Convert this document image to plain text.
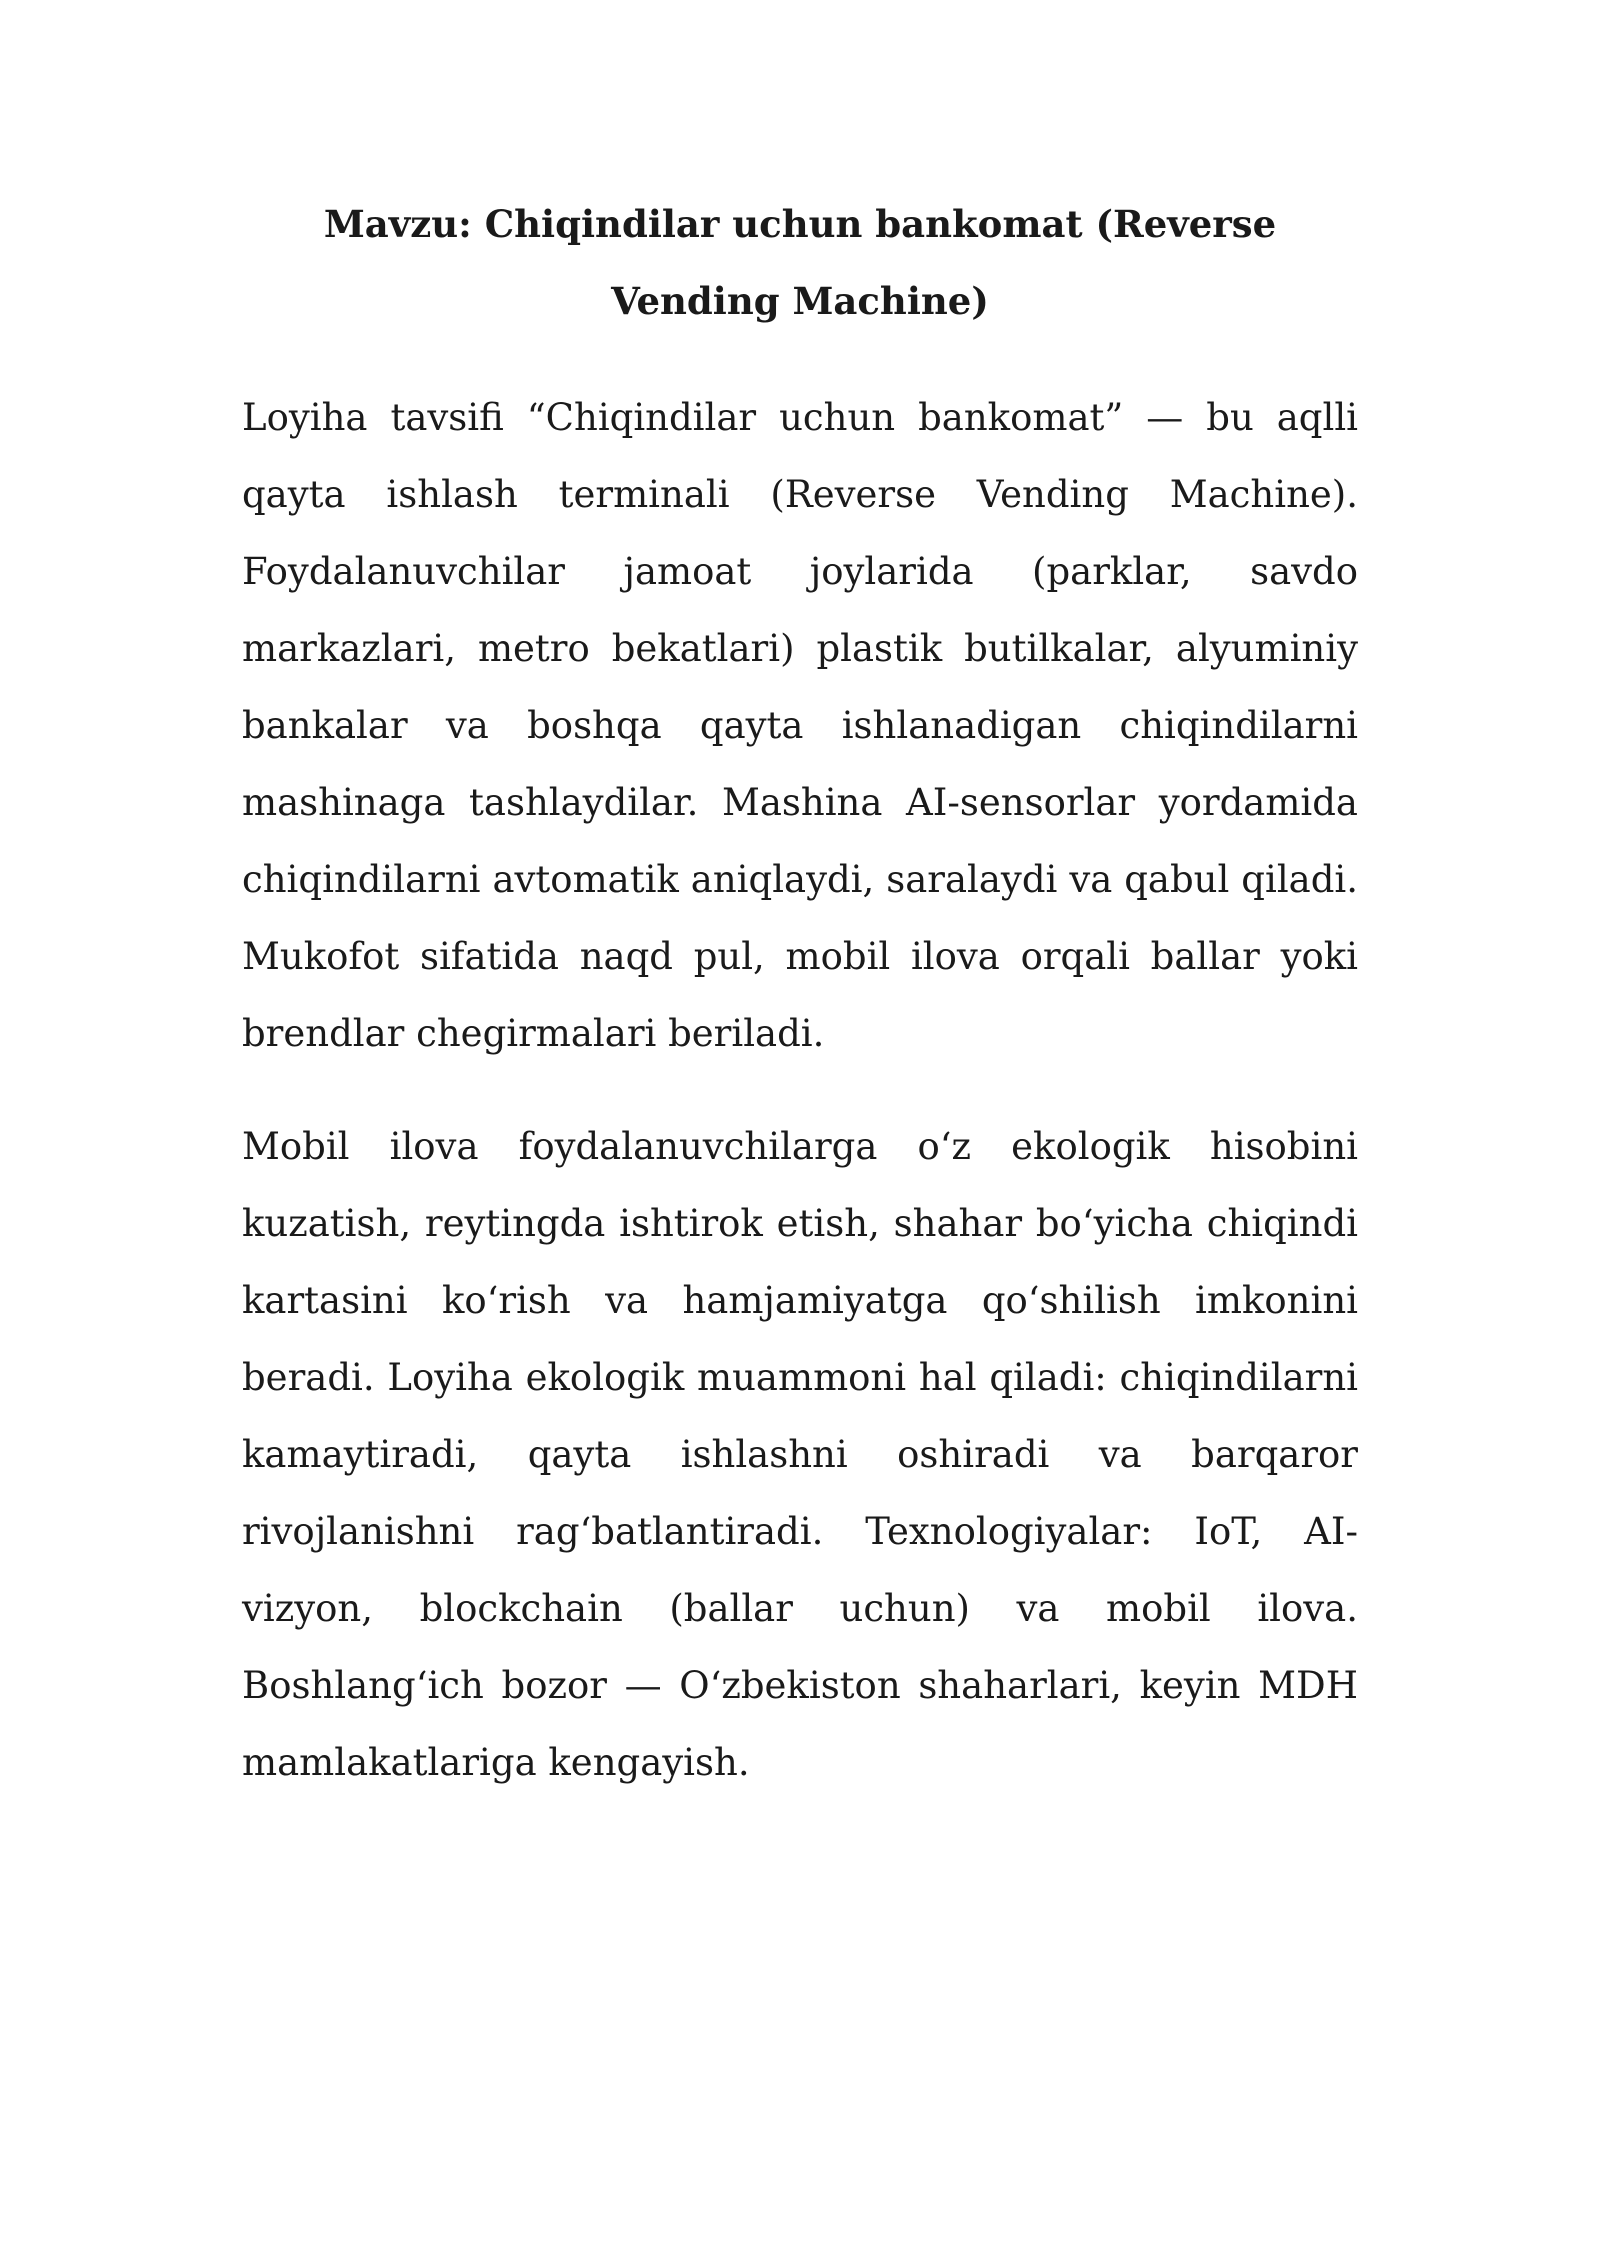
Mavzu: Chiqindilar uchun bankomat (Reverse Vending Machine)

Loyiha tavsifi “Chiqindilar uchun bankomat” — bu aqlli qayta ishlash terminali (Reverse Vending Machine). Foydalanuvchilar jamoat joylarida (parklar, savdo markazlari, metro bekatlari) plastik butilkalar, alyuminiy bankalar va boshqa qayta ishlanadigan chiqindilarni mashinaga tashlaydilar. Mashina AI-sensorlar yordamida chiqindilarni avtomatik aniqlaydi, saralaydi va qabul qiladi. Mukofot sifatida naqd pul, mobil ilova orqali ballar yoki brendlar chegirmalari beriladi.

Mobil ilova foydalanuvchilarga o‘z ekologik hisobini kuzatish, reytingda ishtirok etish, shahar bo‘yicha chiqindi kartasini ko‘rish va hamjamiyatga qo‘shilish imkonini beradi. Loyiha ekologik muammoni hal qiladi: chiqindilarni kamaytiradi, qayta ishlashni oshiradi va barqaror rivojlanishni rag‘batlantiradi. Texnologiyalar: IoT, AI-vizyon, blockchain (ballar uchun) va mobil ilova. Boshlang‘ich bozor — O‘zbekiston shaharlari, keyin MDH mamlakatlariga kengayish.
